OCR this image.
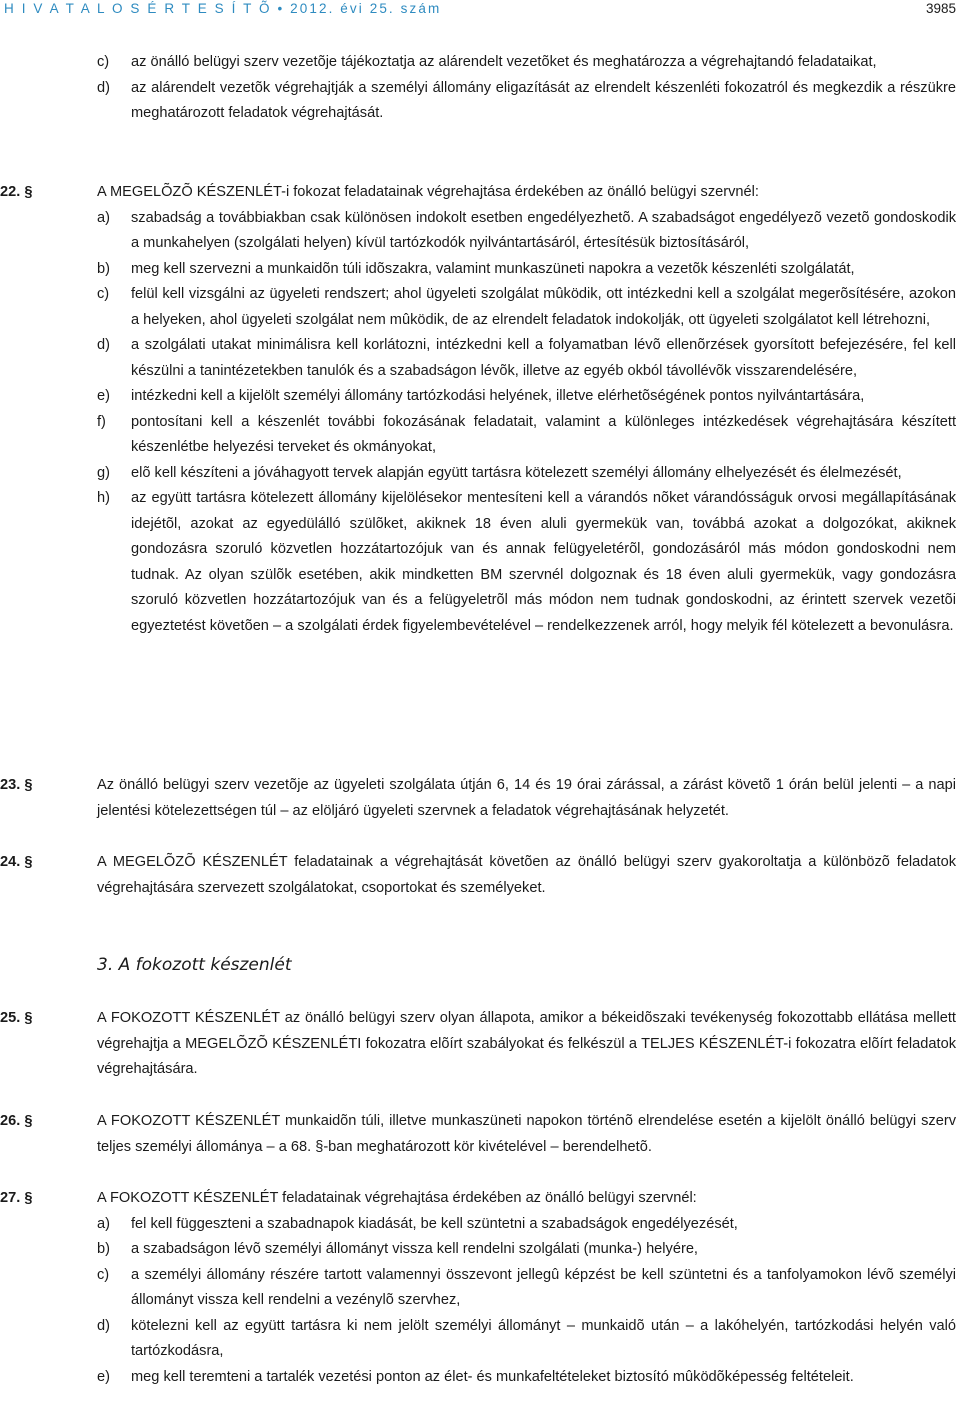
H I V A T A L O S É R T E S Í T Õ • 2012. évi 25. szám	3985
c) az önálló belügyi szerv vezetõje tájékoztatja az alárendelt vezetõket és meghatározza a végrehajtandó feladataikat,
d) az alárendelt vezetõk végrehajtják a személyi állomány eligazítását az elrendelt készenléti fokozatról és megkezdik a részükre meghatározott feladatok végrehajtását.
22. §	A MEGELÕZÕ KÉSZENLÉT-i fokozat feladatainak végrehajtása érdekében az önálló belügyi szervnél:
a) szabadság a továbbiakban csak különösen indokolt esetben engedélyezhetõ. A szabadságot engedélyezõ vezetõ gondoskodik a munkahelyen (szolgálati helyen) kívül tartózkodók nyilvántartásáról, értesítésük biztosításáról,
b) meg kell szervezni a munkaidõn túli idõszakra, valamint munkaszüneti napokra a vezetõk készenléti szolgálatát,
c) felül kell vizsgálni az ügyeleti rendszert; ahol ügyeleti szolgálat mûködik, ott intézkedni kell a szolgálat megerõsítésére, azokon a helyeken, ahol ügyeleti szolgálat nem mûködik, de az elrendelt feladatok indokolják, ott ügyeleti szolgálatot kell létrehozni,
d) a szolgálati utakat minimálisra kell korlátozni, intézkedni kell a folyamatban lévõ ellenõrzések gyorsított befejezésére, fel kell készülni a tanintézetekben tanulók és a szabadságon lévõk, illetve az egyéb okból távollévõk visszarendelésére,
e) intézkedni kell a kijelölt személyi állomány tartózkodási helyének, illetve elérhetõségének pontos nyilvántartására,
f) pontosítani kell a készenlét további fokozásának feladatait, valamint a különleges intézkedések végrehajtására készített készenlétbe helyezési terveket és okmányokat,
g) elõ kell készíteni a jóváhagyott tervek alapján együtt tartásra kötelezett személyi állomány elhelyezését és élelmezését,
h) az együtt tartásra kötelezett állomány kijelölésekor mentesíteni kell a várandós nõket várandósságuk orvosi megállapításának idejétõl, azokat az egyedülálló szülõket, akiknek 18 éven aluli gyermekük van, továbbá azokat a dolgozókat, akiknek gondozásra szoruló közvetlen hozzátartozójuk van és annak felügyeletérõl, gondozásáról más módon gondoskodni nem tudnak. Az olyan szülõk esetében, akik mindketten BM szervnél dolgoznak és 18 éven aluli gyermekük, vagy gondozásra szoruló közvetlen hozzátartozójuk van és a felügyeletrõl más módon nem tudnak gondoskodni, az érintett szervek vezetõi egyeztetést követõen – a szolgálati érdek figyelembevételével – rendelkezzenek arról, hogy melyik fél kötelezett a bevonulásra.
23. §	Az önálló belügyi szerv vezetõje az ügyeleti szolgálata útján 6, 14 és 19 órai zárással, a zárást követõ 1 órán belül jelenti – a napi jelentési kötelezettségen túl – az elöljáró ügyeleti szervnek a feladatok végrehajtásának helyzetét.
24. §	A MEGELÕZÕ KÉSZENLÉT feladatainak a végrehajtását követõen az önálló belügyi szerv gyakoroltatja a különbözõ feladatok végrehajtására szervezett szolgálatokat, csoportokat és személyeket.
3. A fokozott készenlét
25. §	A FOKOZOTT KÉSZENLÉT az önálló belügyi szerv olyan állapota, amikor a békeidõszaki tevékenység fokozottabb ellátása mellett végrehajtja a MEGELÕZÕ KÉSZENLÉTI fokozatra elõírt szabályokat és felkészül a TELJES KÉSZENLÉT-i fokozatra elõírt feladatok végrehajtására.
26. §	A FOKOZOTT KÉSZENLÉT munkaidõn túli, illetve munkaszüneti napokon történõ elrendelése esetén a kijelölt önálló belügyi szerv teljes személyi állománya – a 68. §-ban meghatározott kör kivételével – berendelhetõ.
27. §	A FOKOZOTT KÉSZENLÉT feladatainak végrehajtása érdekében az önálló belügyi szervnél:
a) fel kell függeszteni a szabadnapok kiadását, be kell szüntetni a szabadságok engedélyezését,
b) a szabadságon lévõ személyi állományt vissza kell rendelni szolgálati (munka-) helyére,
c) a személyi állomány részére tartott valamennyi összevont jellegû képzést be kell szüntetni és a tanfolyamokon lévõ személyi állományt vissza kell rendelni a vezénylõ szervhez,
d) kötelezni kell az együtt tartásra ki nem jelölt személyi állományt – munkaidõ után – a lakóhelyén, tartózkodási helyén való tartózkodásra,
e) meg kell teremteni a tartalék vezetési ponton az élet- és munkafeltételeket biztosító mûködõképesség feltételeit.
